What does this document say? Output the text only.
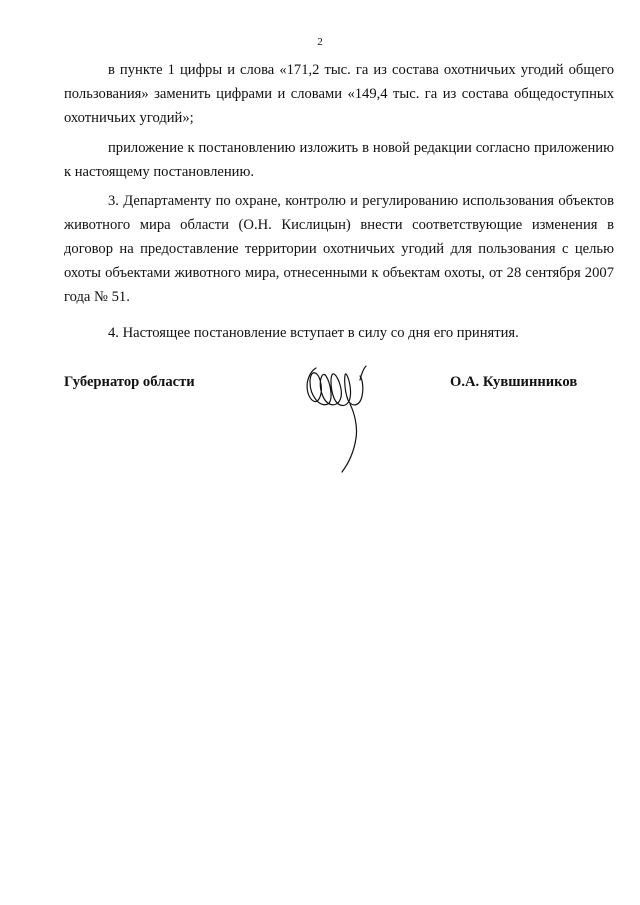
2

в пункте 1 цифры и слова «171,2 тыс. га из состава охотничьих угодий общего пользования» заменить цифрами и словами «149,4 тыс. га из состава общедоступных охотничьих угодий»;

приложение к постановлению изложить в новой редакции согласно приложению к настоящему постановлению.

3. Департаменту по охране, контролю и регулированию использования объектов животного мира области (О.Н. Кислицын) внести соответствующие изменения в договор на предоставление территории охотничьих угодий для пользования с целью охоты объектами животного мира, отнесенными к объектам охоты, от 28 сентября 2007 года № 51.

4. Настоящее постановление вступает в силу со дня его принятия.

Губернатор области	О.А. Кувшинников
